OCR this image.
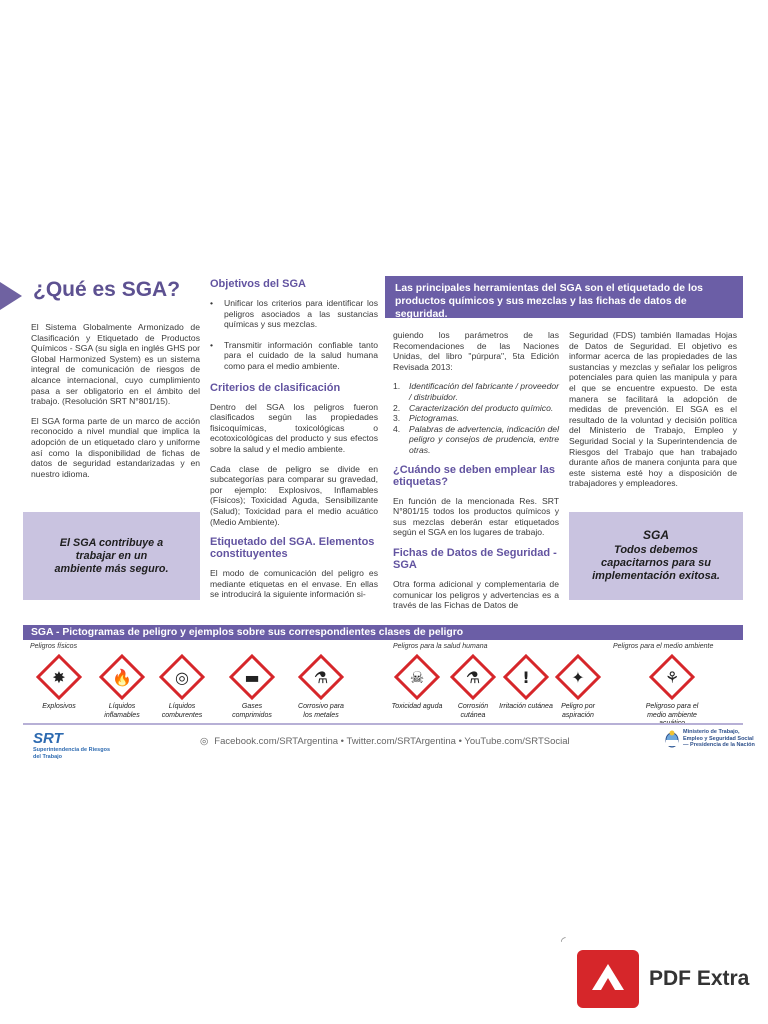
¿Qué es SGA?

El Sistema Globalmente Armonizado de Clasificación y Etiquetado de Productos Químicos - SGA (su sigla en inglés GHS por Global Harmonized System) es un sistema integral de comunicación de riesgos de alcance internacional, cuyo cumplimiento pasa a ser obligatorio en el ámbito del trabajo. (Resolución SRT N°801/15).

El SGA forma parte de un marco de acción reconocido a nivel mundial que implica la adopción de un etiquetado claro y uniforme así como la disponibilidad de fichas de datos de seguridad estandarizadas y en nuestro idioma.

El SGA contribuye a trabajar en un ambiente más seguro.
Objetivos del SGA
• Unificar los criterios para identificar los peligros asociados a las sustancias químicas y sus mezclas.
• Transmitir información confiable tanto para el cuidado de la salud humana como para el medio ambiente.
Criterios de clasificación

Dentro del SGA los peligros fueron clasificados según las propiedades fisicoquímicas, toxicológicas o ecotoxicológicas del producto y sus efectos sobre la salud y el medio ambiente.

Cada clase de peligro se divide en subcategorías para comparar su gravedad, por ejemplo: Explosivos, Inflamables (Físicos); Toxicidad Aguda, Sensibilizante (Salud); Toxicidad para el medio acuático (Medio Ambiente).

Etiquetado del SGA. Elementos constituyentes

El modo de comunicación del peligro es mediante etiquetas en el envase. En ellas se introducirá la siguiente información si-

Las principales herramientas del SGA son el etiquetado de los productos químicos y sus mezclas y las fichas de datos de seguridad.

guiendo los parámetros de las Recomendaciones de las Naciones Unidas, del libro "púrpura", 5ta Edición Revisada 2013:

1. Identificación del fabricante / proveedor / distribuidor.
2. Caracterización del producto químico.
3. Pictogramas.
4. Palabras de advertencia, indicación del peligro y consejos de prudencia, entre otras.
¿Cuándo se deben emplear las etiquetas?

En función de la mencionada Res. SRT N°801/15 todos los productos químicos y sus mezclas deberán estar etiquetados según el SGA en los lugares de trabajo.

Fichas de Datos de Seguridad - SGA

Otra forma adicional y complementaria de comunicar los peligros y advertencias es a través de las Fichas de Datos de

Seguridad (FDS) también llamadas Hojas de Datos de Seguridad. El objetivo es informar acerca de las propiedades de las sustancias y mezclas y señalar los peligros potenciales para quien las manipula y para el que se encuentre expuesto. De esta manera se facilitará la adopción de medidas de prevención. El SGA es el resultado de la voluntad y decisión política del Ministerio de Trabajo, Empleo y Seguridad Social y la Superintendencia de Riesgos del Trabajo que han trabajado durante años de manera conjunta para que este sistema esté hoy a disposición de trabajadores y empleadores.

SGA
Todos debemos capacitarnos para su implementación exitosa.
SGA - Pictogramas de peligro y ejemplos sobre sus correspondientes clases de peligro
Peligros físicos	Peligros para la salud humana	Peligros para el medio ambiente
✸
Explosivos
🔥
Líquidos inflamables
◎
Líquidos comburentes
▬
Gases comprimidos
⚗
Corrosivo para los metales
☠
Toxicidad aguda
⚗
Corrosión cutánea
!
Irritación cutánea
✦
Peligro por aspiración
⚘
Peligroso para el medio ambiente
SRT
Superintendencia de Riesgos del Trabajo
◎ Facebook.com/SRTArgentina • Twitter.com/SRTArgentina • YouTube.com/SRTSocial
Ministerio de Trabajo, Empleo y Seguridad Social — Presidencia de la Nación
◜
PDF Extra
